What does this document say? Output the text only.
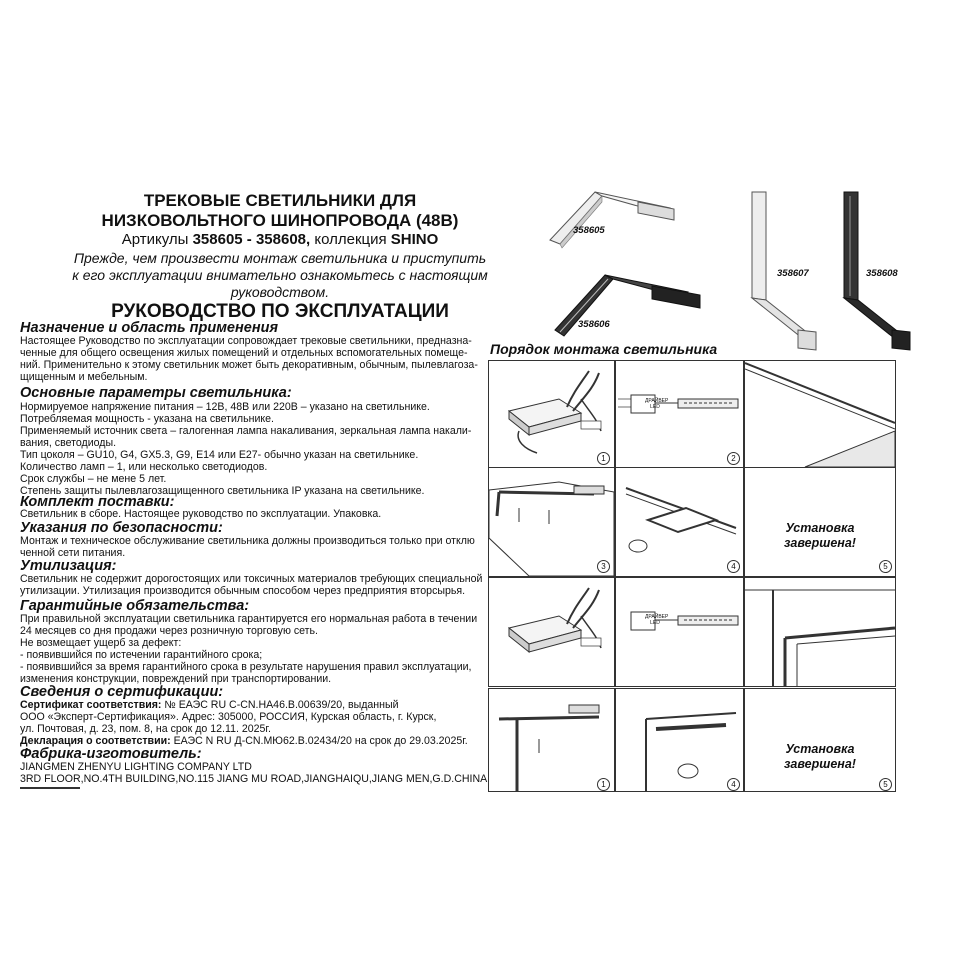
ТРЕКОВЫЕ СВЕТИЛЬНИКИ ДЛЯ
НИЗКОВОЛЬТНОГО ШИНОПРОВОДА (48В)
Артикулы 358605 - 358608, коллекция SHINO
Прежде, чем произвести монтаж светильника и приступить
к его эксплуатации внимательно ознакомьтесь с настоящим
руководством.
РУКОВОДСТВО ПО ЭКСПЛУАТАЦИИ
358605
358606
358607	358608
Назначение и область применения
Настоящее Руководство по эксплуатации сопровождает трековые светильники, предназна-
ченные для общего освещения жилых помещений и отдельных вспомогательных помеще-
ний. Применительно к этому светильник может быть декоративным, обычным, пылевлагозa-
щищенным и мебельным.
Основные параметры светильника:
Нормируемое напряжение питания – 12В, 48В или 220В – указано на светильнике.
Потребляемая мощность - указана на светильнике.
Применяемый источник света – галогенная лампа накаливания, зеркальная лампа накали-
вания, светодиоды.
Тип цоколя – GU10, G4, GX5.3, G9, E14 или E27- обычно указан на светильнике.
Количество ламп – 1, или несколько светодиодов.
Срок службы – не мене 5 лет.
Степень защиты пылевлагозащищенного светильника IP указана на светильнике.
Комплект поставки:
Светильник в сборе. Настоящее руководство по эксплуатации. Упаковка.
Указания по безопасности:
Монтаж и техническое обслуживание светильника должны производиться только при отклю
ченной сети питания.
Утилизация:
Светильник не содержит дорогостоящих или токсичных материалов требующих специальной
утилизации. Утилизация производится обычным способом через предприятия вторсырья.
Гарантийные обязательства:
При правильной эксплуатации светильника гарантируется его нормальная работа в течении
24 месяцев со дня продажи через розничную торговую сеть.
Не возмещает ущерб за дефект:
- появившийся по истечении гарантийного срока;
- появившийся за время гарантийного срока в результате нарушения правил эксплуатации,
изменения конструкции, повреждений при транспортировании.
Сведения о сертификации:
Сертификат соответствия: № ЕАЭС RU C-CN.HA46.B.00639/20, выданный
ООО «Эксперт-Сертификация». Адрес: 305000, РОССИЯ, Курская область, г. Курск,
ул. Почтовая, д. 23, пом. 8, на срок до 12.11. 2025г.
Декларация о соответствии: ЕАЭС N RU Д-CN.МЮ62.В.02434/20 на срок до 29.03.2025г.
Фабрика-изготовитель:
JIANGMEN ZHENYU LIGHTING COMPANY LTD
3RD FLOOR,NO.4TH BUILDING,NO.115 JIANG MU ROAD,JIANGHAIQU,JIANG MEN,G.D.CHINA
Порядок монтажа светильника
1	2
3	4	5
1	4	5
ДРАЙВЕР LED
ДРАЙВЕР LED
Установка
завершена!
Установка
завершена!
